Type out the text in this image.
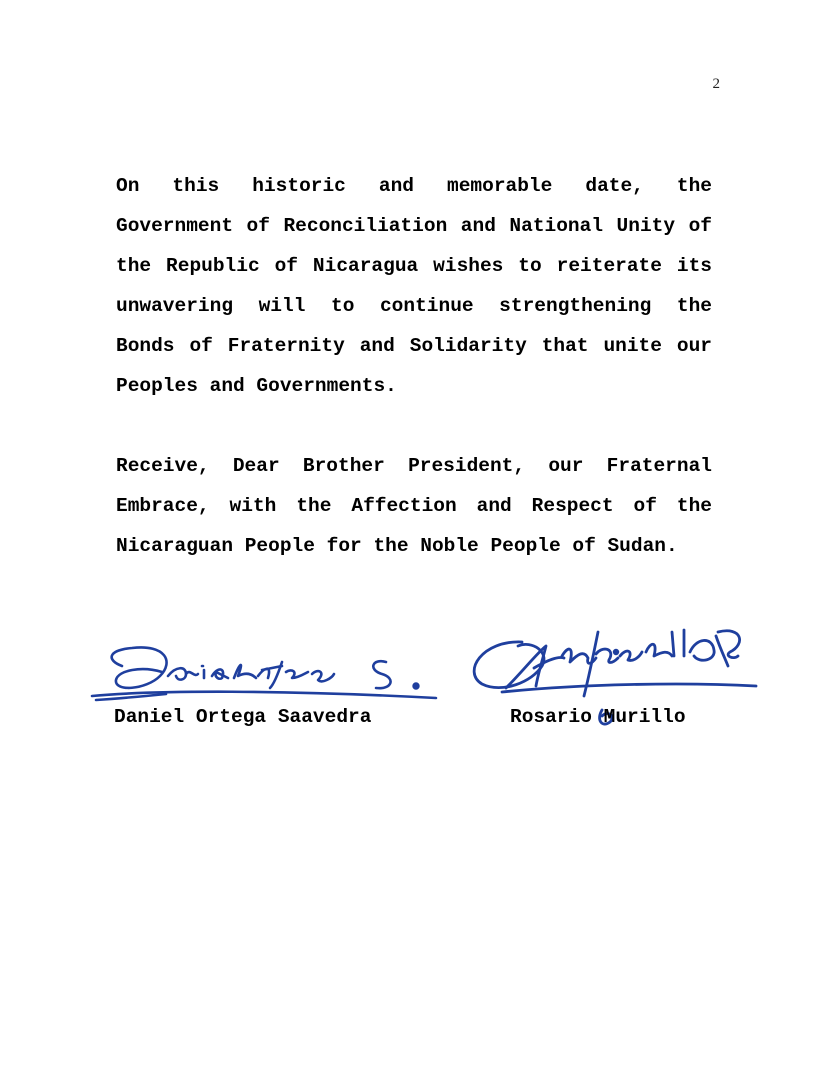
2

On this historic and memorable date, the Government of Reconciliation and National Unity of the Republic of Nicaragua wishes to reiterate its unwavering will to continue strengthening the Bonds of Fraternity and Solidarity that unite our Peoples and Governments.

Receive, Dear Brother President, our Fraternal Embrace, with the Affection and Respect of the Nicaraguan People for the Noble People of Sudan.

Daniel Ortega Saavedra	Rosario Murillo
